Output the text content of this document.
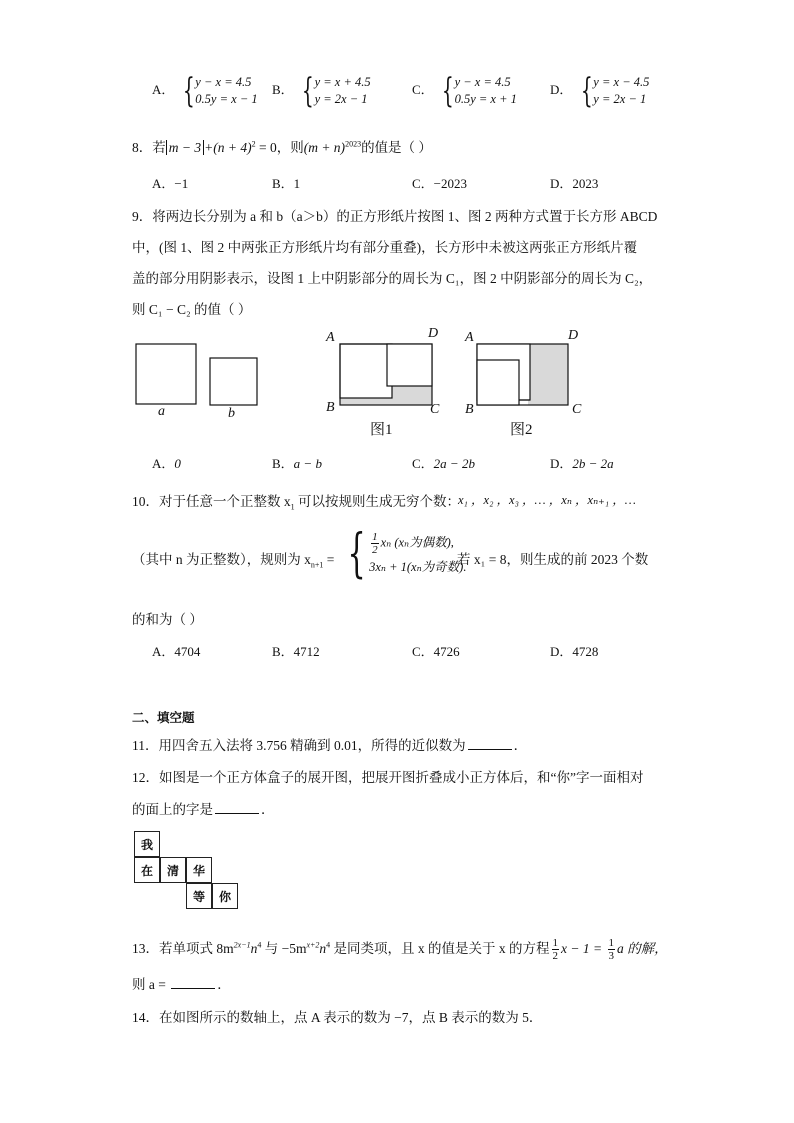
A． { y − x = 4.5
0.5y = x − 1
B． { y = x + 4.5
y = 2x − 1
C． { y − x = 4.5
0.5y = x + 1
D． { y = x − 4.5
y = 2x − 1
8．若 $m - 3 +(n + 4)^2 = 0$，则$(m + n)^{2023}$的值是（ ）
A．−1	B．1	C．−2023	D．2023
9．将两边长分别为 a 和 b（a＞b）的正方形纸片按图 1、图 2 两种方式置于长方形 ABCD
中，(图 1、图 2 中两张正方形纸片均有部分重叠)，长方形中未被这两张正方形纸片覆
盖的部分用阴影表示，设图 1 上中阴影部分的周长为 C₁，图 2 中阴影部分的周长为 C₂，
则 C₁ − C₂ 的值（ ）
a	b
A	D
B	C
图1
A	D
B	C
图2
A．0	B．a − b	C．2a − 2b	D．2b − 2a
10．对于任意一个正整数 $x_1$ 可以按规则生成无穷个数：
x₁ ，x₂ ，x₃ ，… ，xₙ ，xₙ₊₁ ，…
（其中 n 为正整数），规则为 $x_{n+1}$ = { $\frac{1}{2}$ xₙ (xₙ为偶数),
3xₙ + 1(xₙ为奇数).
若 x₁ = 8，则生成的前 2023 个数
的和为（ ）
A．4704	B．4712	C．4726	D．4728
二、填空题
11．用四舍五入法将 3.756 精确到 0.01，所得的近似数为	．
12．如图是一个正方体盒子的展开图，把展开图折叠成小正方体后，和“你”字一面相对
的面上的字是	．
我
在	清	华
等	你
13．若单项式 $8m^{2x-1}n^4$ 与 $-5m^{x+2}n^4$ 是同类项，且 x 的值是关于 x 的方程 $\frac{1}{2}$ $x - 1 = \frac{1}{3}$ a 的解，
则 a =	．
14．在如图所示的数轴上，点 A 表示的数为 −7，点 B 表示的数为 5．
